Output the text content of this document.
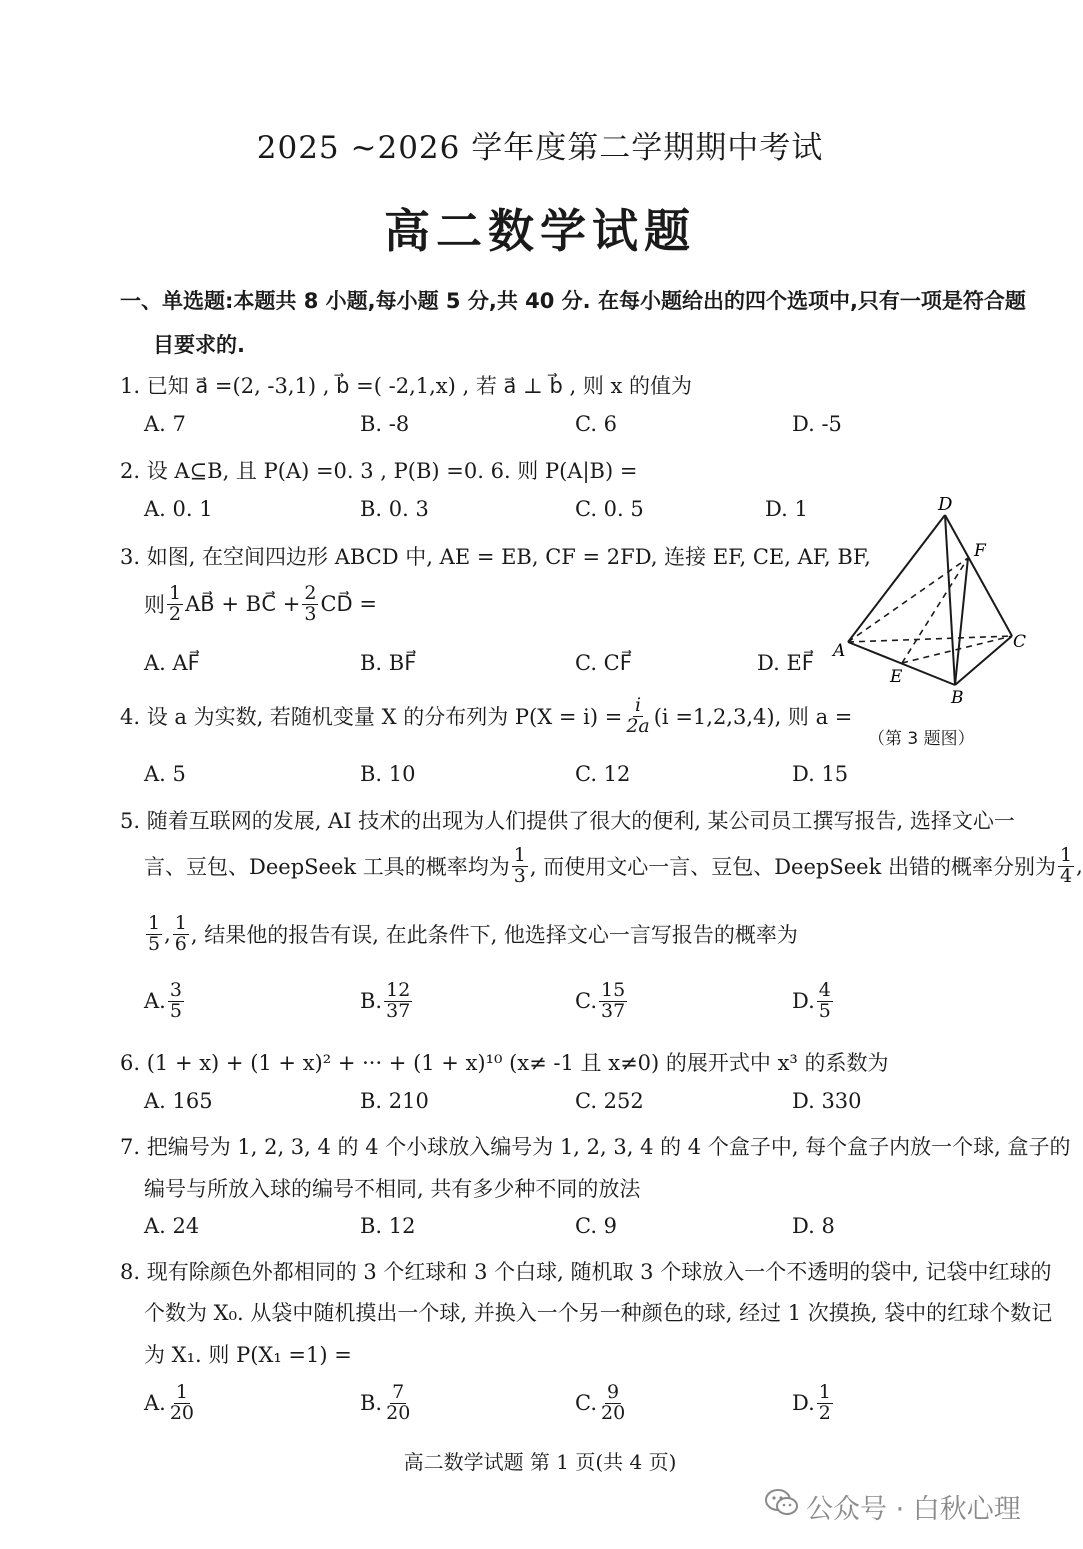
2025 ~2026 学年度第二学期期中考试
高二数学试题
一、单选题:本题共 8 小题,每小题 5 分,共 40 分. 在每小题给出的四个选项中,只有一项是符合题
目要求的.
1. 已知 a⃗ =(2, -3,1) , b⃗ =( -2,1,x) , 若 a⃗ ⊥ b⃗ , 则 x 的值为
A. 7	B. -8	C. 6	D. -5
2. 设 A⊆B, 且 P(A) =0. 3 , P(B) =0. 6. 则 P(A|B) =
A. 0. 1	B. 0. 3	C. 0. 5	D. 1
3. 如图, 在空间四边形 ABCD 中, AE = EB, CF = 2FD, 连接 EF, CE, AF, BF,
则 $\frac{1}{2}$ AB⃗ + BC⃗ + $\frac{2}{3}$ CD⃗ =
A. AF⃗	B. BF⃗	C. CF⃗	D. EF⃗
D
F
A	C
E
B
（第 3 题图）
4. 设 a 为实数, 若随机变量 X 的分布列为 $P(X = i) = \frac{i}{2a} (i =1,2,3,4)$, 则 a =
A. 5	B. 10	C. 12	D. 15
5. 随着互联网的发展, AI 技术的出现为人们提供了很大的便利, 某公司员工撰写报告, 选择文心一
言、豆包、DeepSeek 工具的概率均为 $\frac{1}{3}$ , 而使用文心一言、豆包、DeepSeek 出错的概率分别为 $\frac{1}{4}$ ,
$\frac{1}{5}$ , $\frac{1}{6}$ , 结果他的报告有误, 在此条件下, 他选择文心一言写报告的概率为
A. $\frac{3}{5}$	B. $\frac{12}{37}$	C. $\frac{15}{37}$	D. $\frac{4}{5}$
6. (1 + x) + (1 + x)² + ··· + (1 + x)¹⁰ (x≠ -1 且 x≠0) 的展开式中 x³ 的系数为
A. 165	B. 210	C. 252	D. 330
7. 把编号为 1, 2, 3, 4 的 4 个小球放入编号为 1, 2, 3, 4 的 4 个盒子中, 每个盒子内放一个球, 盒子的
编号与所放入球的编号不相同, 共有多少种不同的放法
A. 24	B. 12	C. 9	D. 8
8. 现有除颜色外都相同的 3 个红球和 3 个白球, 随机取 3 个球放入一个不透明的袋中, 记袋中红球的
个数为 X₀. 从袋中随机摸出一个球, 并换入一个另一种颜色的球, 经过 1 次摸换, 袋中的红球个数记
为 X₁. 则 P(X₁ =1) =
A. $\frac{1}{20}$	B. $\frac{7}{20}$	C. $\frac{9}{20}$	D. $\frac{1}{2}$
高二数学试题 第 1 页(共 4 页)
公众号 · 白秋心理
